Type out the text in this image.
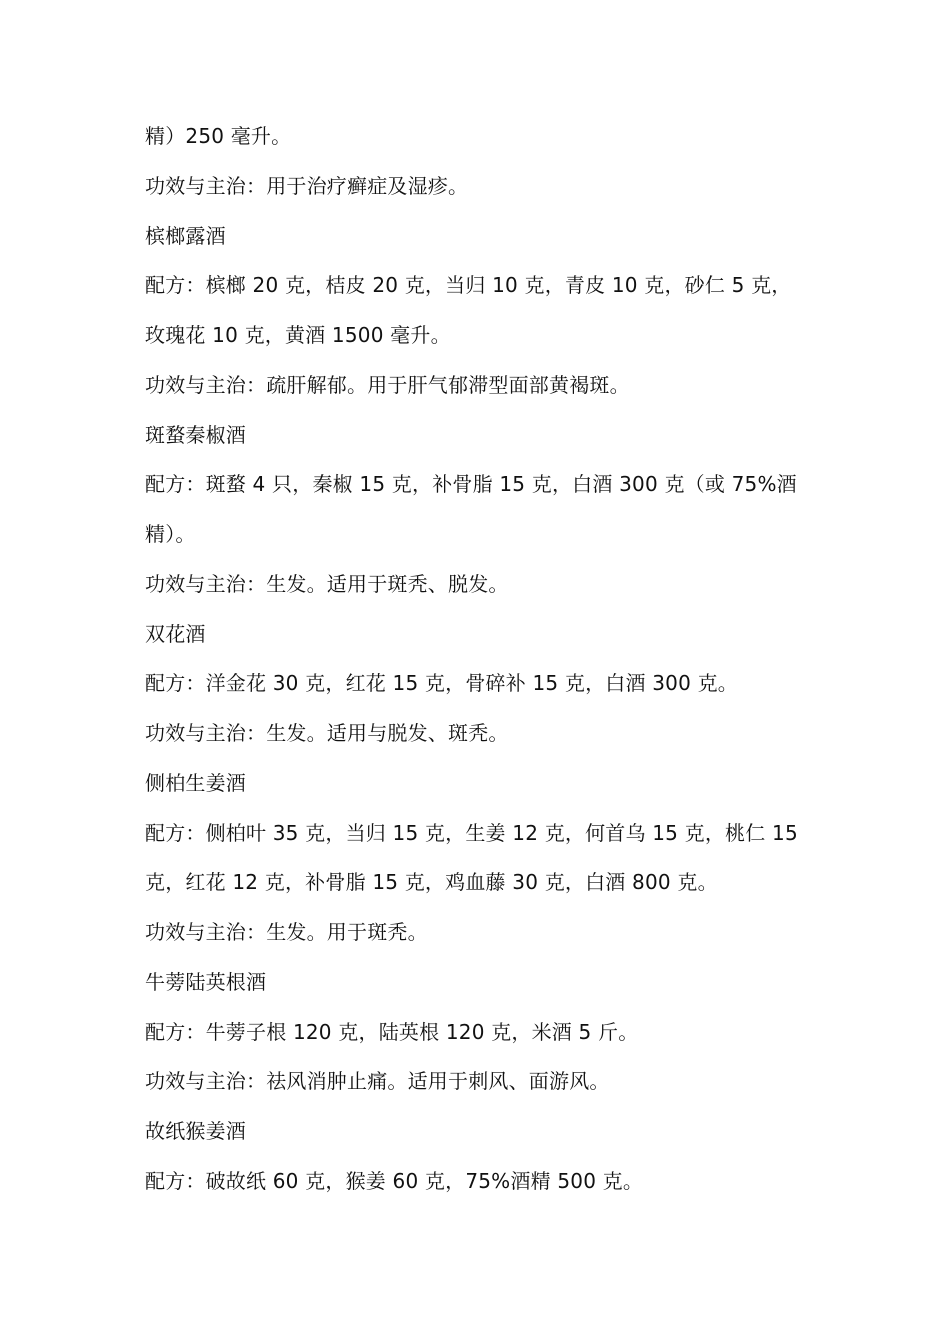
精）250 毫升。
功效与主治：用于治疗癣症及湿疹。
槟榔露酒
配方：槟榔 20 克，桔皮 20 克，当归 10 克，青皮 10 克，砂仁 5 克，
玫瑰花 10 克，黄酒 1500 毫升。
功效与主治：疏肝解郁。用于肝气郁滞型面部黄褐斑。
斑蝥秦椒酒
配方：斑蝥 4 只，秦椒 15 克，补骨脂 15 克，白酒 300 克（或 75%酒
精）。
功效与主治：生发。适用于斑秃、脱发。
双花酒
配方：洋金花 30 克，红花 15 克，骨碎补 15 克，白酒 300 克。
功效与主治：生发。适用与脱发、斑秃。
侧柏生姜酒
配方：侧柏叶 35 克，当归 15 克，生姜 12 克，何首乌 15 克，桃仁 15
克，红花 12 克，补骨脂 15 克，鸡血藤 30 克，白酒 800 克。
功效与主治：生发。用于斑秃。
牛蒡陆英根酒
配方：牛蒡子根 120 克，陆英根 120 克，米酒 5 斤。
功效与主治：祛风消肿止痛。适用于刺风、面游风。
故纸猴姜酒
配方：破故纸 60 克，猴姜 60 克，75%酒精 500 克。
